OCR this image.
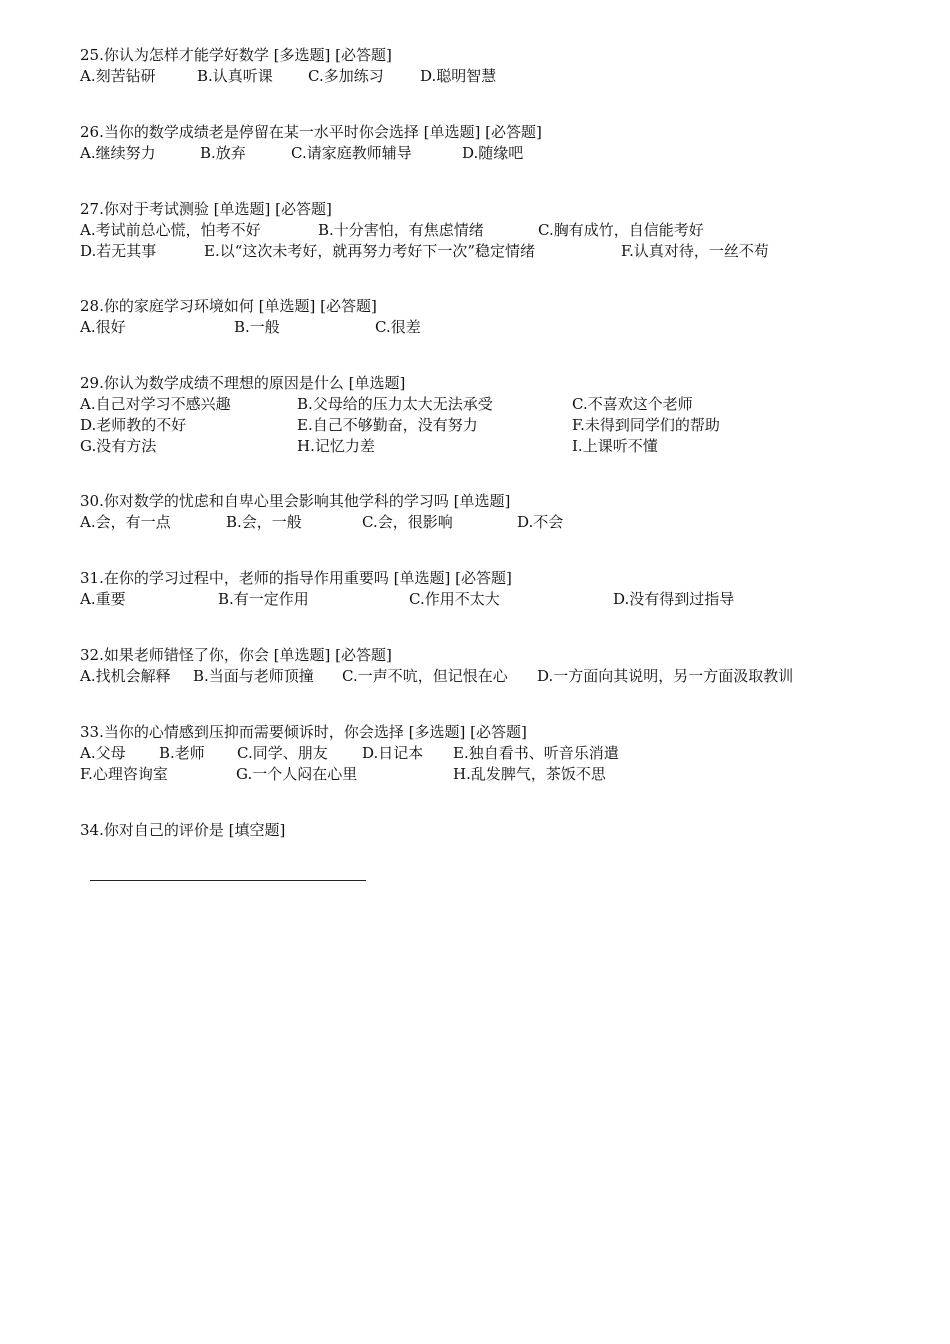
25.你认为怎样才能学好数学 [多选题] [必答题]
A.刻苦钻研	B.认真听课 C.多加练习 D.聪明智慧
26.当你的数学成绩老是停留在某一水平时你会选择 [单选题] [必答题]
A.继续努力	B.放弃	C.请家庭教师辅导	D.随缘吧
27.你对于考试测验 [单选题] [必答题]
A.考试前总心慌，怕考不好	B.十分害怕，有焦虑情绪	C.胸有成竹，自信能考好
D.若无其事	E.以“这次未考好，就再努力考好下一次”稳定情绪	F.认真对待，一丝不苟
28.你的家庭学习环境如何 [单选题] [必答题]
A.很好	B.一般	C.很差
29.你认为数学成绩不理想的原因是什么 [单选题]
A.自己对学习不感兴趣	B.父母给的压力太大无法承受	C.不喜欢这个老师
D.老师教的不好	E.自己不够勤奋，没有努力	F.未得到同学们的帮助
G.没有方法	H.记忆力差	I.上课听不懂
30.你对数学的忧虑和自卑心里会影响其他学科的学习吗 [单选题]
A.会，有一点	B.会，一般	C.会，很影响	D.不会
31.在你的学习过程中，老师的指导作用重要吗 [单选题] [必答题]
A.重要	B.有一定作用	C.作用不太大	D.没有得到过指导
32.如果老师错怪了你，你会 [单选题] [必答题]
A.找机会解释 B.当面与老师顶撞 C.一声不吭，但记恨在心 D.一方面向其说明，另一方面汲取教训
33.当你的心情感到压抑而需要倾诉时，你会选择 [多选题] [必答题]
A.父母 B.老师 C.同学、朋友 D.日记本 E.独自看书、听音乐消遣
F.心理咨询室	G.一个人闷在心里	H.乱发脾气，茶饭不思
34.你对自己的评价是 [填空题]
